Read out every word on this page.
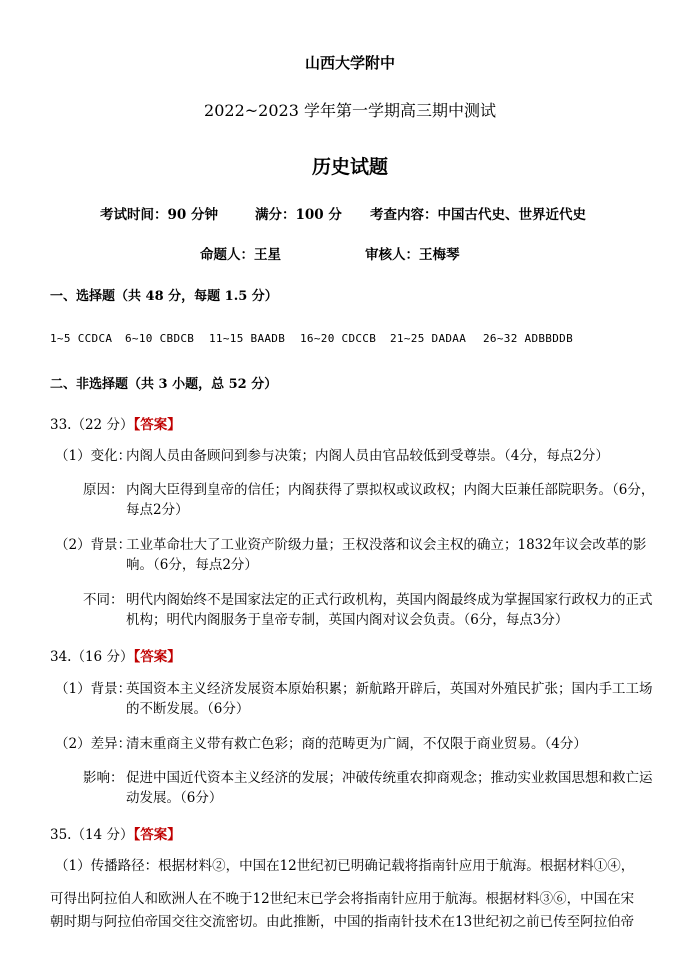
山西大学附中
2022~2023 学年第一学期高三期中测试
历史试题
考试时间：90 分钟	满分：100 分 考查内容：中国古代史、世界近代史
命题人：王星	审核人：王梅琴
一、选择题（共 48 分，每题 1.5 分）
1~5 CCDCA 6~10 CBDCB 11~15 BAADB 16~20 CDCCB 21~25 DADAA 26~32 ADBBDDB
二、非选择题（共 3 小题，总 52 分）
33.（22 分）【答案】
（1）变化：
内阁人员由备顾问到参与决策；内阁人员由官品较低到受尊崇。（4分，每点2分）
原因： 内阁大臣得到皇帝的信任；内阁获得了票拟权或议政权；内阁大臣兼任部院职务。（6分，每点2分）
（2）背景：
工业革命壮大了工业资产阶级力量；王权没落和议会主权的确立；1832年议会改革的影响。（6分，每点2分）
不同： 明代内阁始终不是国家法定的正式行政机构，英国内阁最终成为掌握国家行政权力的正式机构；明代内阁服务于皇帝专制，英国内阁对议会负责。（6分，每点3分）
34.（16 分）【答案】
（1）背景：
英国资本主义经济发展资本原始积累；新航路开辟后，英国对外殖民扩张；国内手工工场的不断发展。（6分）
（2）差异：
清末重商主义带有救亡色彩；商的范畴更为广阔，不仅限于商业贸易。（4分）
影响： 促进中国近代资本主义经济的发展；冲破传统重农抑商观念；推动实业救国思想和救亡运动发展。（6分）
35.（14 分）【答案】
（1）传播路径：根据材料②，中国在12世纪初已明确记载将指南针应用于航海。根据材料①④，
可得出阿拉伯人和欧洲人在不晚于12世纪末已学会将指南针应用于航海。根据材料③⑥，中国在宋
朝时期与阿拉伯帝国交往交流密切。由此推断，中国的指南针技术在13世纪初之前已传至阿拉伯帝
